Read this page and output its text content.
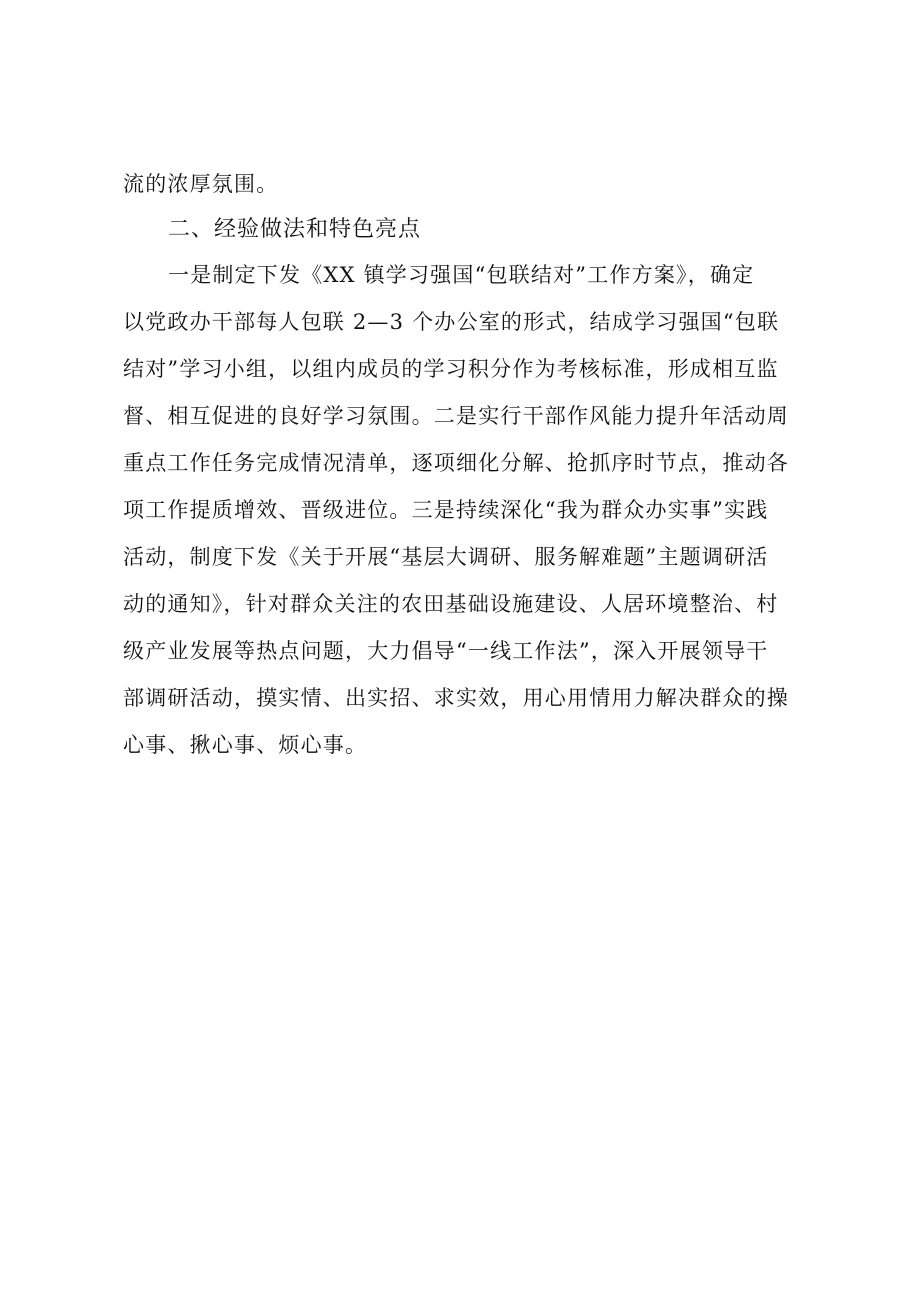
流的浓厚氛围。
二、经验做法和特色亮点
一是制定下发《XX 镇学习强国“包联结对”工作方案》，确定
以党政办干部每人包联 2—3 个办公室的形式，结成学习强国“包联
结对”学习小组，以组内成员的学习积分作为考核标准，形成相互监
督、相互促进的良好学习氛围。二是实行干部作风能力提升年活动周
重点工作任务完成情况清单，逐项细化分解、抢抓序时节点，推动各
项工作提质增效、晋级进位。三是持续深化“我为群众办实事”实践
活动，制度下发《关于开展“基层大调研、服务解难题”主题调研活
动的通知》，针对群众关注的农田基础设施建设、人居环境整治、村
级产业发展等热点问题，大力倡导“一线工作法”，深入开展领导干
部调研活动，摸实情、出实招、求实效，用心用情用力解决群众的操
心事、揪心事、烦心事。
